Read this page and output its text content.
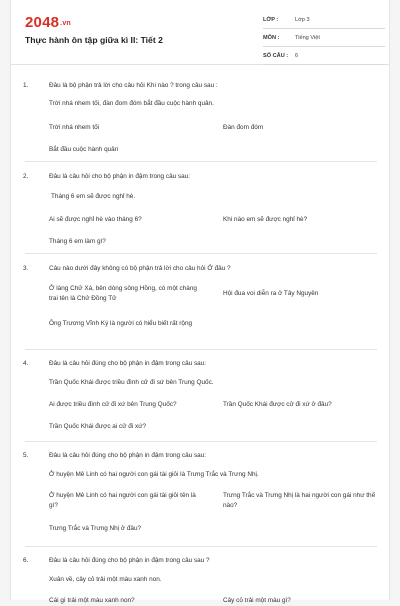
2048.vn
Thực hành ôn tập giữa kì II: Tiết 2
LỚP :	Lớp 3
MÔN :	Tiếng Việt
SỐ CÂU :	6
1.	Đâu là bộ phận trả lời cho câu hỏi Khi nào ? trong câu sau :
Trời nhá nhem tối, đàn đom đóm bắt đầu cuộc hành quân.
Trời nhá nhem tối	Đàn đom đóm
Bắt đầu cuộc hành quân
2.	Đâu là câu hỏi cho bộ phận in đậm trong câu sau:
Tháng 6 em sẽ được nghỉ hè.
Ai sẽ được nghỉ hè vào tháng 6?	Khi nào em sẽ được nghỉ hè?
Tháng 6 em làm gì?
3.	Câu nào dưới đây không có bộ phận trả lời cho câu hỏi Ở đâu ?
Ở làng Chử Xá, bên dòng sông Hồng, có một chàng trai tên là Chử Đồng Tử
Hội đua voi diễn ra ở Tây Nguyên
Ông Trương Vĩnh Ký là người có hiểu biết rất rộng
4.	Đâu là câu hỏi đúng cho bộ phận in đậm trong câu sau:
Trần Quốc Khái được triều đình cử đi sứ bên Trung Quốc.
Ai được triều đình cử đi xứ bên Trung Quốc?	Trần Quốc Khái được cử đi xứ ở đâu?
Trần Quốc Khái được ai cử đi xứ?
5.	Đâu là câu hỏi đúng cho bộ phận in đậm trong câu sau:
Ở huyện Mê Linh có hai người con gái tài giỏi là Trưng Trắc và Trưng Nhị.
Ở huyện Mê Linh có hai người con gái tài giỏi tên là gì?
Trưng Trắc và Trưng Nhị là hai người con gái như thế nào?
Trưng Trắc và Trưng Nhị ở đâu?
6.	Đâu là câu hỏi đúng cho bộ phận in đậm trong câu sau ?
Xuân về, cây cỏ trải một màu xanh non.
Cái gì trải một màu xanh non?	Cây cỏ trải một màu gì?
